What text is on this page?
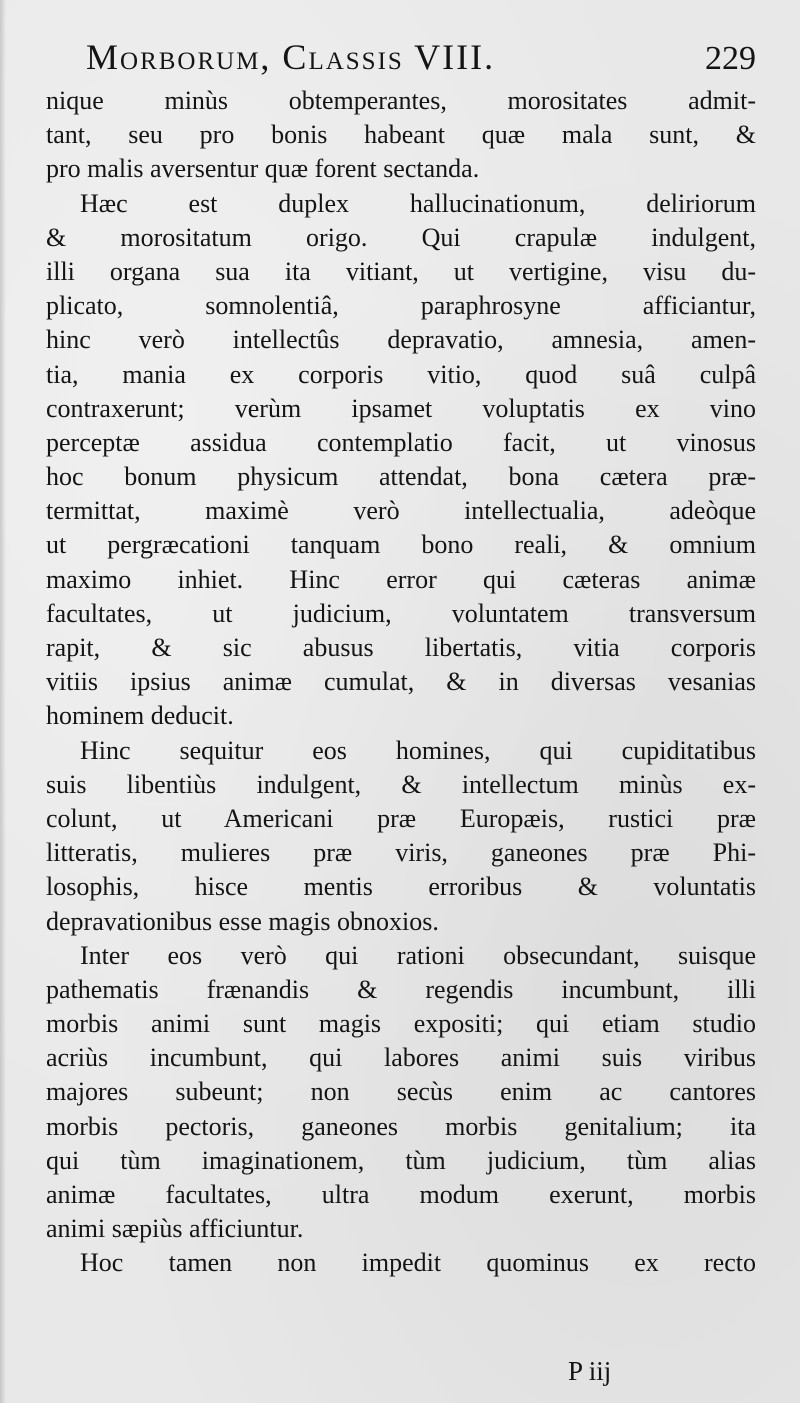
Morborum, Classis VIII.	229
nique minùs obtemperantes, morositates admit-
tant, seu pro bonis habeant quæ mala sunt, &
pro malis aversentur quæ forent sectanda.
Hæc est duplex hallucinationum, deliriorum
& morositatum origo. Qui crapulæ indulgent,
illi organa sua ita vitiant, ut vertigine, visu du-
plicato, somnolentiâ, paraphrosyne afficiantur,
hinc verò intellectûs depravatio, amnesia, amen-
tia, mania ex corporis vitio, quod suâ culpâ
contraxerunt; verùm ipsamet voluptatis ex vino
perceptæ assidua contemplatio facit, ut vinosus
hoc bonum physicum attendat, bona cætera præ-
termittat, maximè verò intellectualia, adeòque
ut pergræcationi tanquam bono reali, & omnium
maximo inhiet. Hinc error qui cæteras animæ
facultates, ut judicium, voluntatem transversum
rapit, & sic abusus libertatis, vitia corporis
vitiis ipsius animæ cumulat, & in diversas vesanias
hominem deducit.
Hinc sequitur eos homines, qui cupiditatibus
suis libentiùs indulgent, & intellectum minùs ex-
colunt, ut Americani præ Europæis, rustici præ
litteratis, mulieres præ viris, ganeones præ Phi-
losophis, hisce mentis erroribus & voluntatis
depravationibus esse magis obnoxios.
Inter eos verò qui rationi obsecundant, suisque
pathematis frænandis & regendis incumbunt, illi
morbis animi sunt magis expositi; qui etiam studio
acriùs incumbunt, qui labores animi suis viribus
majores subeunt; non secùs enim ac cantores
morbis pectoris, ganeones morbis genitalium; ita
qui tùm imaginationem, tùm judicium, tùm alias
animæ facultates, ultra modum exerunt, morbis
animi sæpiùs afficiuntur.
Hoc tamen non impedit quominus ex recto
P iij
